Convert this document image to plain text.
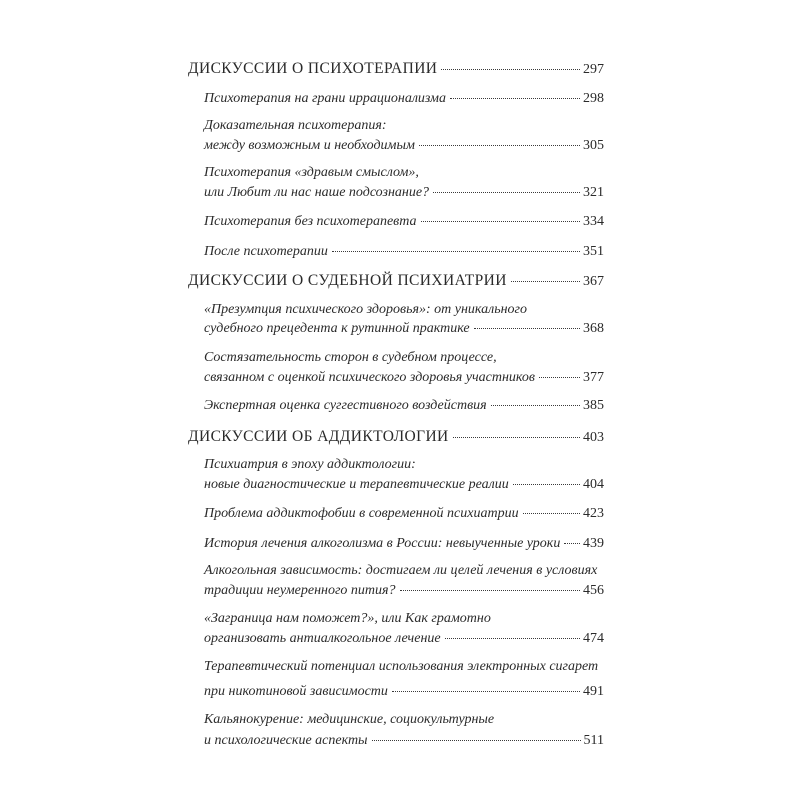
ДИСКУССИИ О ПСИХОТЕРАПИИ	297
Психотерапия на грани иррационализма	298
Доказательная психотерапия:
между возможным и необходимым	305
Психотерапия «здравым смыслом»,
или Любит ли нас наше подсознание?	321
Психотерапия без психотерапевта	334
После психотерапии	351
ДИСКУССИИ О СУДЕБНОЙ ПСИХИАТРИИ	367
«Презумпция психического здоровья»: от уникального
судебного прецедента к рутинной практике	368
Состязательность сторон в судебном процессе,
связанном с оценкой психического здоровья участников	377
Экспертная оценка суггестивного воздействия	385
ДИСКУССИИ ОБ АДДИКТОЛОГИИ	403
Психиатрия в эпоху аддиктологии:
новые диагностические и терапевтические реалии	404
Проблема аддиктофобии в современной психиатрии	423
История лечения алкоголизма в России: невыученные уроки 439
Алкогольная зависимость: достигаем ли целей лечения в условиях
традиции неумеренного пития?	456
«Заграница нам поможет?», или Как грамотно
организовать антиалкогольное лечение	474
Терапевтический потенциал использования электронных сигарет
при никотиновой зависимости	491
Кальянокурение: медицинские, социокультурные
и психологические аспекты	511
